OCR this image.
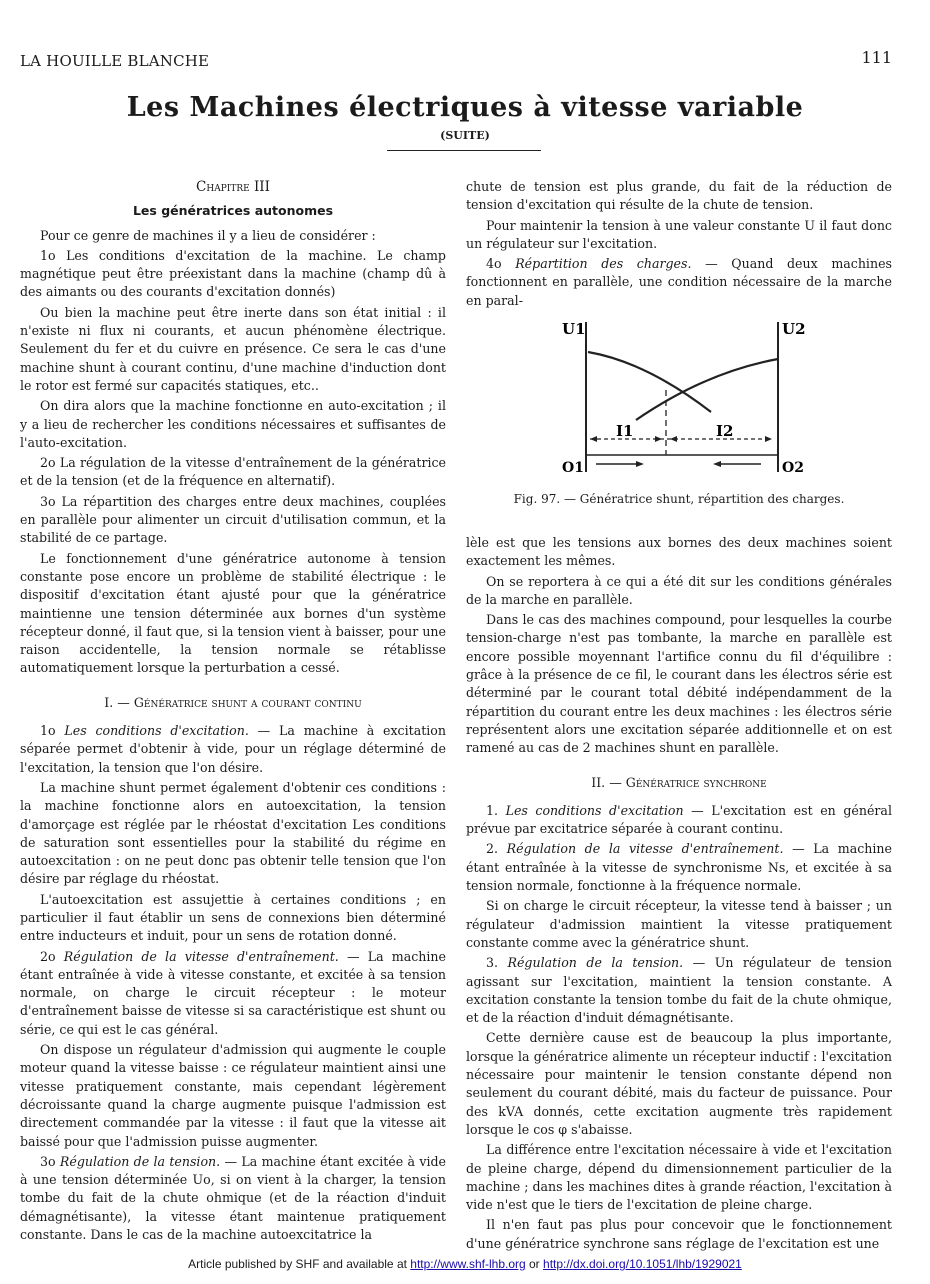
LA HOUILLE BLANCHE	111
Les Machines électriques à vitesse variable
(SUITE)

Chapitre III

Les génératrices autonomes

Pour ce genre de machines il y a lieu de considérer :

1o Les conditions d'excitation de la machine. Le champ magnétique peut être préexistant dans la machine (champ dû à des aimants ou des courants d'excitation donnés)

Ou bien la machine peut être inerte dans son état initial : il n'existe ni flux ni courants, et aucun phénomène électrique. Seulement du fer et du cuivre en présence. Ce sera le cas d'une machine shunt à courant continu, d'une machine d'induction dont le rotor est fermé sur capacités statiques, etc..

On dira alors que la machine fonctionne en auto-excitation ; il y a lieu de rechercher les conditions nécessaires et suffisantes de l'auto-excitation.

2o La régulation de la vitesse d'entraînement de la génératrice et de la tension (et de la fréquence en alternatif).

3o La répartition des charges entre deux machines, couplées en parallèle pour alimenter un circuit d'utilisation commun, et la stabilité de ce partage.

Le fonctionnement d'une génératrice autonome à tension constante pose encore un problème de stabilité électrique : le dispositif d'excitation étant ajusté pour que la génératrice maintienne une tension déterminée aux bornes d'un système récepteur donné, il faut que, si la tension vient à baisser, pour une raison accidentelle, la tension normale se rétablisse automatiquement lorsque la perturbation a cessé.

I. — Génératrice shunt a courant continu

1o Les conditions d'excitation. — La machine à excitation séparée permet d'obtenir à vide, pour un réglage déterminé de l'excitation, la tension que l'on désire.

La machine shunt permet également d'obtenir ces conditions : la machine fonctionne alors en autoexcitation, la tension d'amorçage est réglée par le rhéostat d'excitation Les conditions de saturation sont essentielles pour la stabilité du régime en autoexcitation : on ne peut donc pas obtenir telle tension que l'on désire par réglage du rhéostat.

L'autoexcitation est assujettie à certaines conditions ; en particulier il faut établir un sens de connexions bien déterminé entre inducteurs et induit, pour un sens de rotation donné.

2o Régulation de la vitesse d'entraînement. — La machine étant entraînée à vide à vitesse constante, et excitée à sa tension normale, on charge le circuit récepteur : le moteur d'entraînement baisse de vitesse si sa caractéristique est shunt ou série, ce qui est le cas général.

On dispose un régulateur d'admission qui augmente le couple moteur quand la vitesse baisse : ce régulateur maintient ainsi une vitesse pratiquement constante, mais cependant légèrement décroissante quand la charge augmente puisque l'admission est directement commandée par la vitesse : il faut que la vitesse ait baissé pour que l'admission puisse augmenter.

3o Régulation de la tension. — La machine étant excitée à vide à une tension déterminée Uo, si on vient à la charger, la tension tombe du fait de la chute ohmique (et de la réaction d'induit démagnétisante), la vitesse étant maintenue pratiquement constante. Dans le cas de la machine autoexcitatrice la

chute de tension est plus grande, du fait de la réduction de tension d'excitation qui résulte de la chute de tension.

Pour maintenir la tension à une valeur constante U il faut donc un régulateur sur l'excitation.

4o Répartition des charges. — Quand deux machines fonctionnent en parallèle, une condition nécessaire de la marche en paral-

U1	U2
I1	I2
O1	O2
Fig. 97. — Génératrice shunt, répartition des charges.

lèle est que les tensions aux bornes des deux machines soient exactement les mêmes.

On se reportera à ce qui a été dit sur les conditions générales de la marche en parallèle.

Dans le cas des machines compound, pour lesquelles la courbe tension-charge n'est pas tombante, la marche en parallèle est encore possible moyennant l'artifice connu du fil d'équilibre : grâce à la présence de ce fil, le courant dans les électros série est déterminé par le courant total débité indépendamment de la répartition du courant entre les deux machines : les électros série représentent alors une excitation séparée additionnelle et on est ramené au cas de 2 machines shunt en parallèle.

II. — Génératrice synchrone

1. Les conditions d'excitation — L'excitation est en général prévue par excitatrice séparée à courant continu.

2. Régulation de la vitesse d'entraînement. — La machine étant entraînée à la vitesse de synchronisme Ns, et excitée à sa tension normale, fonctionne à la fréquence normale.

Si on charge le circuit récepteur, la vitesse tend à baisser ; un régulateur d'admission maintient la vitesse pratiquement constante comme avec la génératrice shunt.

3. Régulation de la tension. — Un régulateur de tension agissant sur l'excitation, maintient la tension constante. A excitation constante la tension tombe du fait de la chute ohmique, et de la réaction d'induit démagnétisante.

Cette dernière cause est de beaucoup la plus importante, lorsque la génératrice alimente un récepteur inductif : l'excitation nécessaire pour maintenir le tension constante dépend non seulement du courant débité, mais du facteur de puissance. Pour des kVA donnés, cette excitation augmente très rapidement lorsque le cos φ s'abaisse.

La différence entre l'excitation nécessaire à vide et l'excitation de pleine charge, dépend du dimensionnement particulier de la machine ; dans les machines dites à grande réaction, l'excitation à vide n'est que le tiers de l'excitation de pleine charge.

Il n'en faut pas plus pour concevoir que le fonctionnement d'une génératrice synchrone sans réglage de l'excitation est une

Article published by SHF and available at http://www.shf-lhb.org or http://dx.doi.org/10.1051/lhb/1929021
